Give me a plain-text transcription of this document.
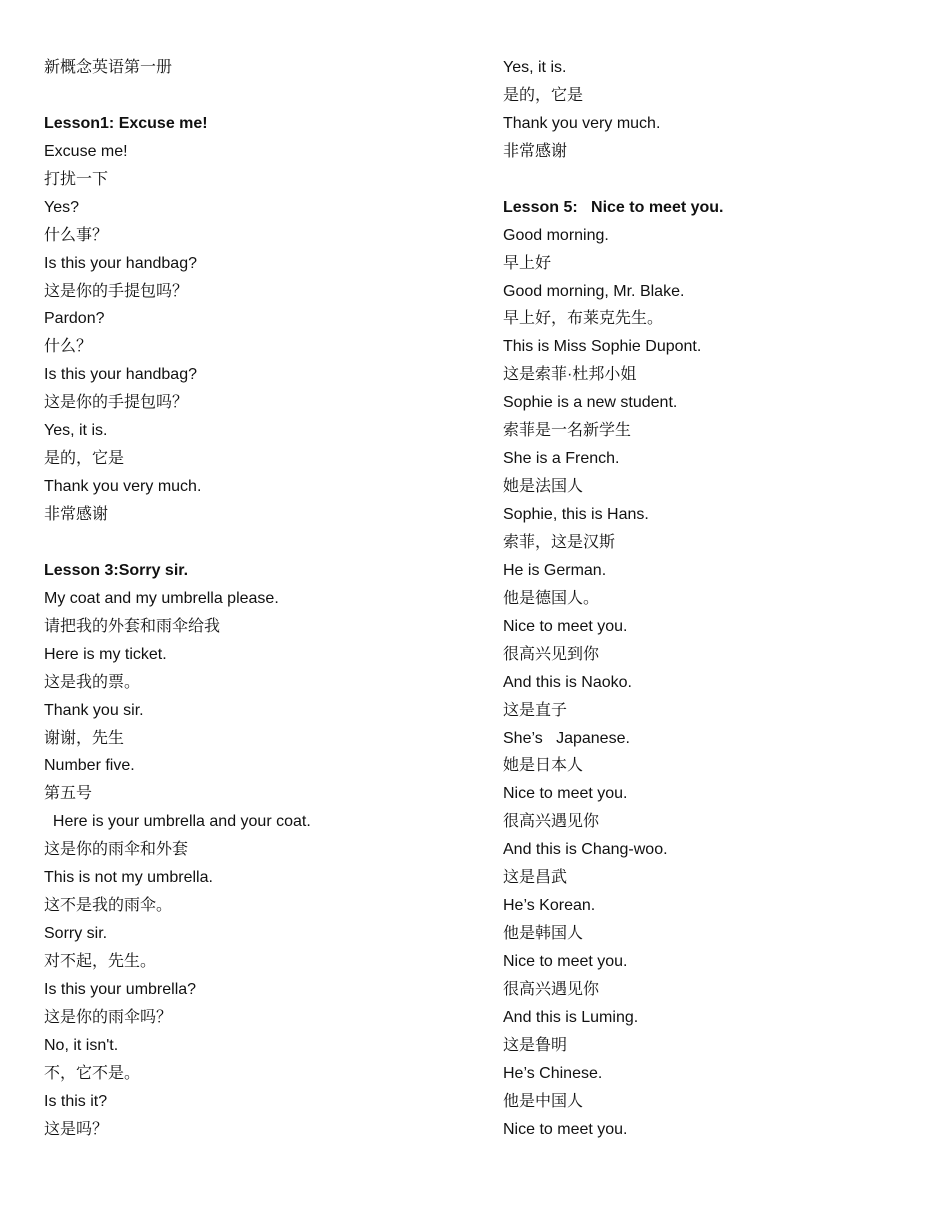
新概念英语第一册
Lesson1: Excuse me!
Excuse me!
打扰一下
Yes?
什么事？
Is this your handbag?
这是你的手提包吗？
Pardon?
什么？
Is this your handbag?
这是你的手提包吗？
Yes, it is.
是的，它是
Thank you very much.
非常感谢
Lesson 3:Sorry sir.
My coat and my umbrella please.
请把我的外套和雨伞给我
Here is my ticket.
这是我的票。
Thank you sir.
谢谢，先生
Number five.
第五号
Here is your umbrella and your coat.
这是你的雨伞和外套
This is not my umbrella.
这不是我的雨伞。
Sorry sir.
对不起，先生。
Is this your umbrella?
这是你的雨伞吗？
No, it isn't.
不，它不是。
Is this it?
这是吗？
Yes, it is.
是的，它是
Thank you very much.
非常感谢
Lesson 5:   Nice to meet you.
Good morning.
早上好
Good morning, Mr. Blake.
早上好，布莱克先生。
This is Miss Sophie Dupont.
这是索菲·杜邦小姐
Sophie is a new student.
索菲是一名新学生
She is a French.
她是法国人
Sophie, this is Hans.
索菲，这是汉斯
He is German.
他是德国人。
Nice to meet you.
很高兴见到你
And this is Naoko.
这是直子
She’s   Japanese.
她是日本人
Nice to meet you.
很高兴遇见你
And this is Chang-woo.
这是昌武
He’s Korean.
他是韩国人
Nice to meet you.
很高兴遇见你
And this is Luming.
这是鲁明
He’s Chinese.
他是中国人
Nice to meet you.
